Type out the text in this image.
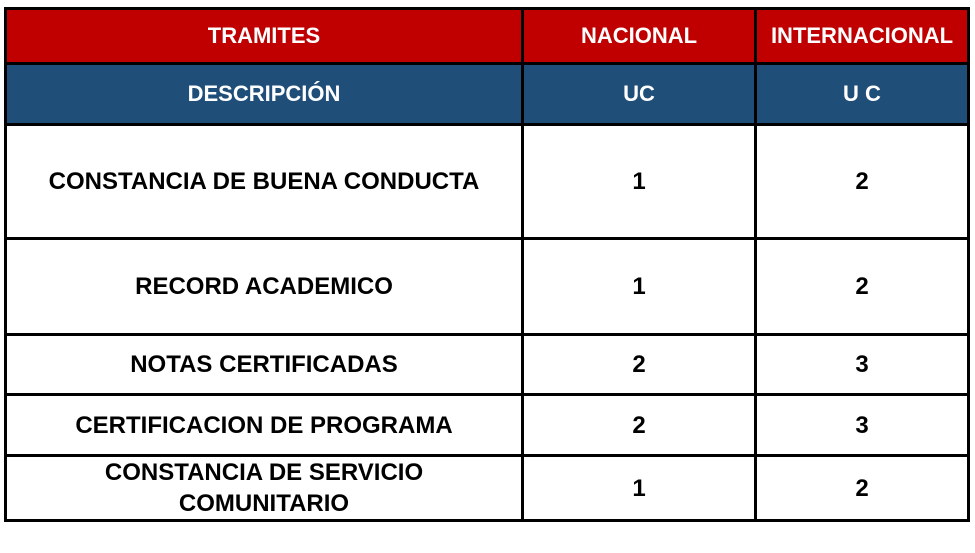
TRAMITES	NACIONAL	INTERNACIONAL
DESCRIPCIÓN	UC	U C
CONSTANCIA DE BUENA CONDUCTA	1	2
RECORD ACADEMICO	1	2
NOTAS CERTIFICADAS	2	3
CERTIFICACION DE PROGRAMA	2	3
CONSTANCIA DE SERVICIO COMUNITARIO	1	2
